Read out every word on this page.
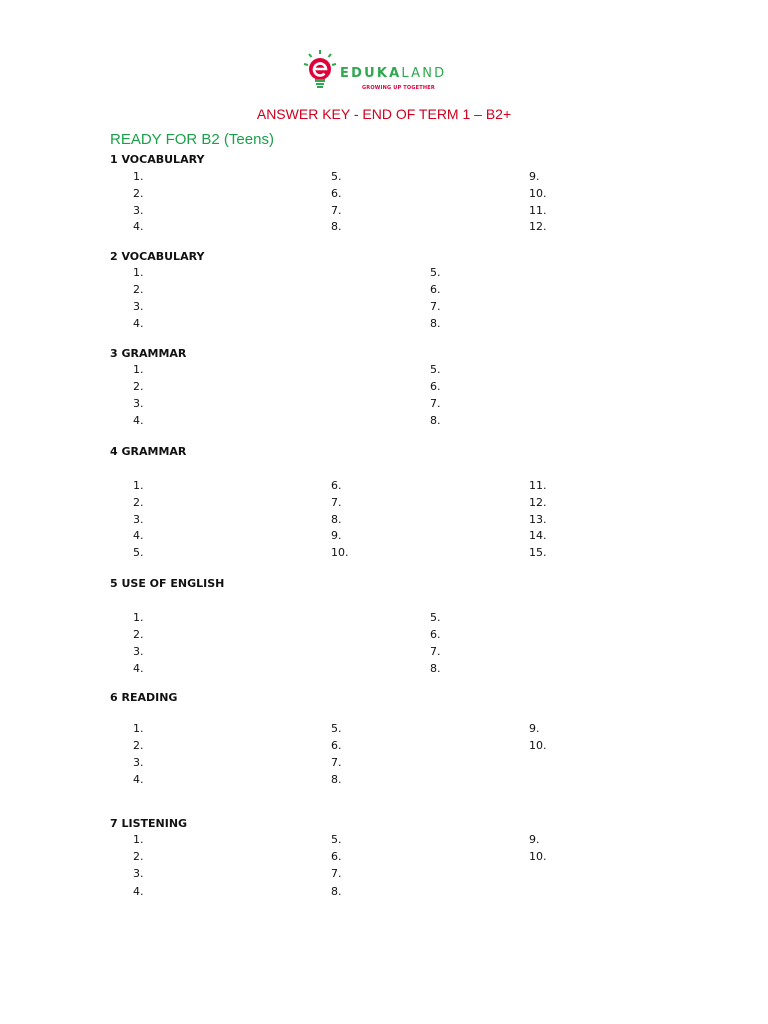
EDUKALAND
GROWING UP TOGETHER
ANSWER KEY - END OF TERM 1 – B2+
READY FOR B2 (Teens)
1 VOCABULARY
1.
2.
3.
4.
5.
6.
7.
8.
9.
10.
11.
12.
2 VOCABULARY
1.
2.
3.
4.
5.
6.
7.
8.
3 GRAMMAR
1.
2.
3.
4.
5.
6.
7.
8.
4 GRAMMAR
1.
2.
3.
4.
5.
6.
7.
8.
9.
10.
11.
12.
13.
14.
15.
5 USE OF ENGLISH
1.
2.
3.
4.
5.
6.
7.
8.
6 READING
1.
2.
3.
4.
5.
6.
7.
8.
9.
10.
7 LISTENING
1.
2.
3.
4.
5.
6.
7.
8.
9.
10.
